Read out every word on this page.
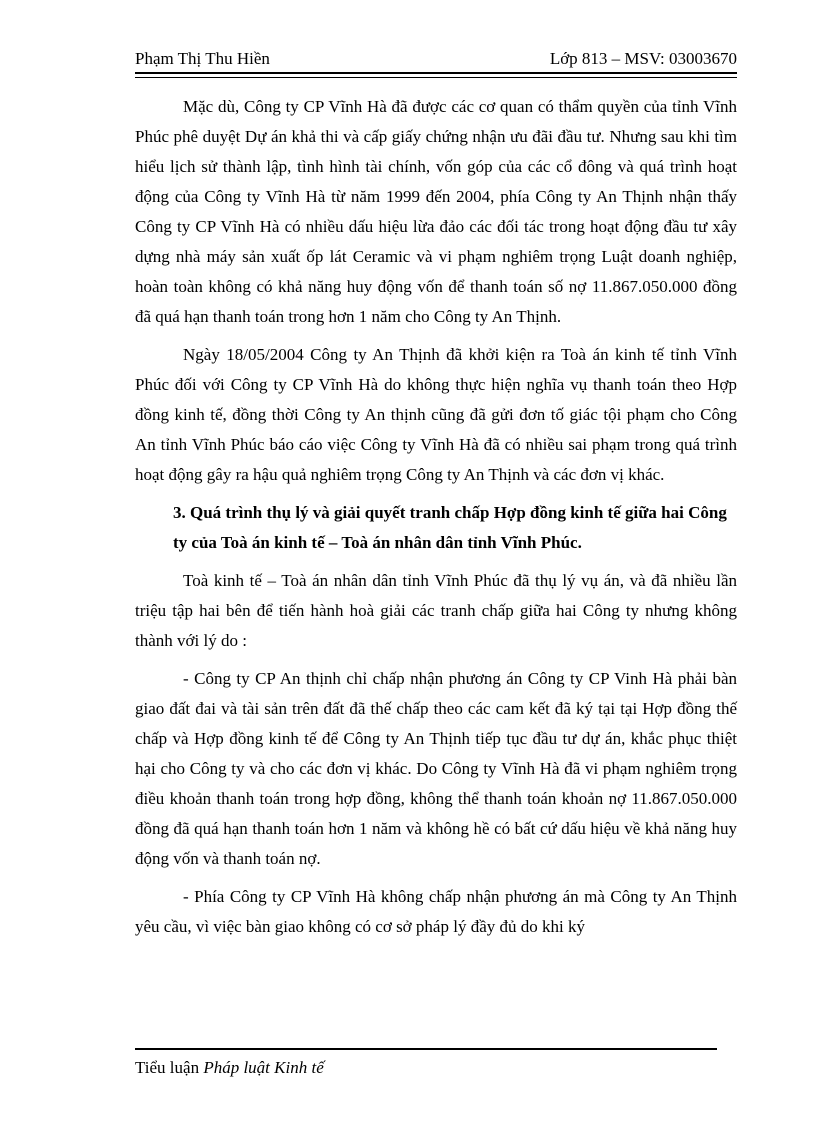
Phạm Thị Thu Hiền	Lớp 813 – MSV: 03003670

Mặc dù, Công ty CP Vĩnh Hà đã được các cơ quan có thẩm quyền của tỉnh Vĩnh Phúc phê duyệt Dự án khả thi và cấp giấy chứng nhận ưu đãi đầu tư. Nhưng sau khi tìm hiểu lịch sử thành lập, tình hình tài chính, vốn góp của các cổ đông và quá trình hoạt động của Công ty Vĩnh Hà từ năm 1999 đến 2004, phía Công ty An Thịnh nhận thấy Công ty CP Vĩnh Hà có nhiều dấu hiệu lừa đảo các đối tác trong hoạt động đầu tư xây dựng nhà máy sản xuất ốp lát Ceramic và vi phạm nghiêm trọng Luật doanh nghiệp, hoàn toàn không có khả năng huy động vốn để thanh toán số nợ 11.867.050.000 đồng đã quá hạn thanh toán trong hơn 1 năm cho Công ty An Thịnh.

Ngày 18/05/2004 Công ty An Thịnh đã khởi kiện ra Toà án kinh tế tỉnh Vĩnh Phúc đối với Công ty CP Vĩnh Hà do không thực hiện nghĩa vụ thanh toán theo Hợp đồng kinh tế, đồng thời Công ty An thịnh cũng đã gửi đơn tố giác tội phạm cho Công An tỉnh Vĩnh Phúc báo cáo việc Công ty Vĩnh Hà đã có nhiều sai phạm trong quá trình hoạt động gây ra hậu quả nghiêm trọng Công ty An Thịnh và các đơn vị khác.

3. Quá trình thụ lý và giải quyết tranh chấp Hợp đồng kinh tế giữa hai Công ty của Toà án kinh tế – Toà án nhân dân tỉnh Vĩnh Phúc.

Toà kinh tế – Toà án nhân dân tỉnh Vĩnh Phúc đã thụ lý vụ án, và đã nhiều lần triệu tập hai bên để tiến hành hoà giải các tranh chấp giữa hai Công ty nhưng không thành với lý do :

- Công ty CP An thịnh chỉ chấp nhận phương án Công ty CP Vinh Hà phải bàn giao đất đai và tài sản trên đất đã thế chấp theo các cam kết đã ký tại tại Hợp đồng thế chấp và Hợp đồng kinh tế để Công ty An Thịnh tiếp tục đầu tư dự án, khắc phục thiệt hại cho Công ty và cho các đơn vị khác. Do Công ty Vĩnh Hà đã vi phạm nghiêm trọng điều khoản thanh toán trong hợp đồng, không thể thanh toán khoản nợ 11.867.050.000 đồng đã quá hạn thanh toán hơn 1 năm và không hề có bất cứ dấu hiệu về khả năng huy động vốn và thanh toán nợ.

- Phía Công ty CP Vĩnh Hà không chấp nhận phương án mà Công ty An Thịnh yêu cầu, vì việc bàn giao không có cơ sở pháp lý đầy đủ do khi ký

Tiểu luận Pháp luật Kinh tế
